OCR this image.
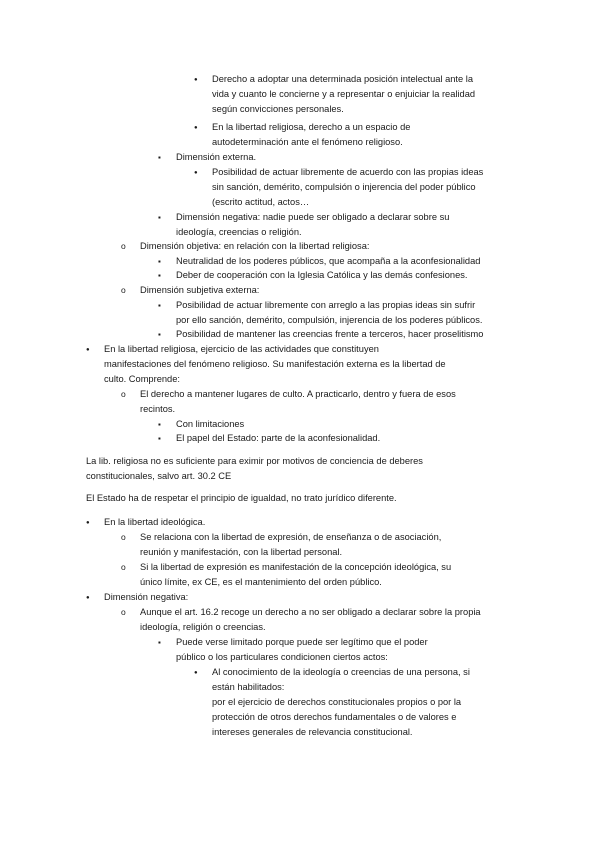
●
Derecho a adoptar una determinada posición intelectual ante la
vida y cuanto le concierne y a representar o enjuiciar la realidad
según convicciones personales.
●
En la libertad religiosa, derecho a un espacio de
autodeterminación ante el fenómeno religioso.
▪
Dimensión externa.
●
Posibilidad de actuar libremente de acuerdo con las propias ideas
sin sanción, demérito, compulsión o injerencia del poder público
(escrito actitud, actos…
▪
Dimensión negativa: nadie puede ser obligado a declarar sobre su
ideología, creencias o religión.
o
Dimensión objetiva: en relación con la libertad religiosa:
▪
Neutralidad de los poderes públicos, que acompaña a la aconfesionalidad
▪
Deber de cooperación con la Iglesia Católica y las demás confesiones.
o
Dimensión subjetiva externa:
▪
Posibilidad de actuar libremente con arreglo a las propias ideas sin sufrir
por ello sanción, demérito, compulsión, injerencia de los poderes públicos.
▪
Posibilidad de mantener las creencias frente a terceros, hacer proselitismo
●
En la libertad religiosa, ejercicio de las actividades que constituyen
manifestaciones del fenómeno religioso. Su manifestación externa es la libertad de
culto. Comprende:
o
El derecho a mantener lugares de culto. A practicarlo, dentro y fuera de esos
recintos.
▪
Con limitaciones
▪
El papel del Estado: parte de la aconfesionalidad.
La lib. religiosa no es suficiente para eximir por motivos de conciencia de deberes
constitucionales, salvo art. 30.2 CE
El Estado ha de respetar el principio de igualdad, no trato jurídico diferente.
●
En la libertad ideológica.
o
Se relaciona con la libertad de expresión, de enseñanza o de asociación,
reunión y manifestación, con la libertad personal.
o
Si la libertad de expresión es manifestación de la concepción ideológica, su
único límite, ex CE, es el mantenimiento del orden público.
●
Dimensión negativa:
o
Aunque el art. 16.2 recoge un derecho a no ser obligado a declarar sobre la propia
ideología, religión o creencias.
▪
Puede verse limitado porque puede ser legítimo que el poder
público o los particulares condicionen ciertos actos:
●
Al conocimiento de la ideología o creencias de una persona, si
están habilitados:
por el ejercicio de derechos constitucionales propios o por la
protección de otros derechos fundamentales o de valores e
intereses generales de relevancia constitucional.
